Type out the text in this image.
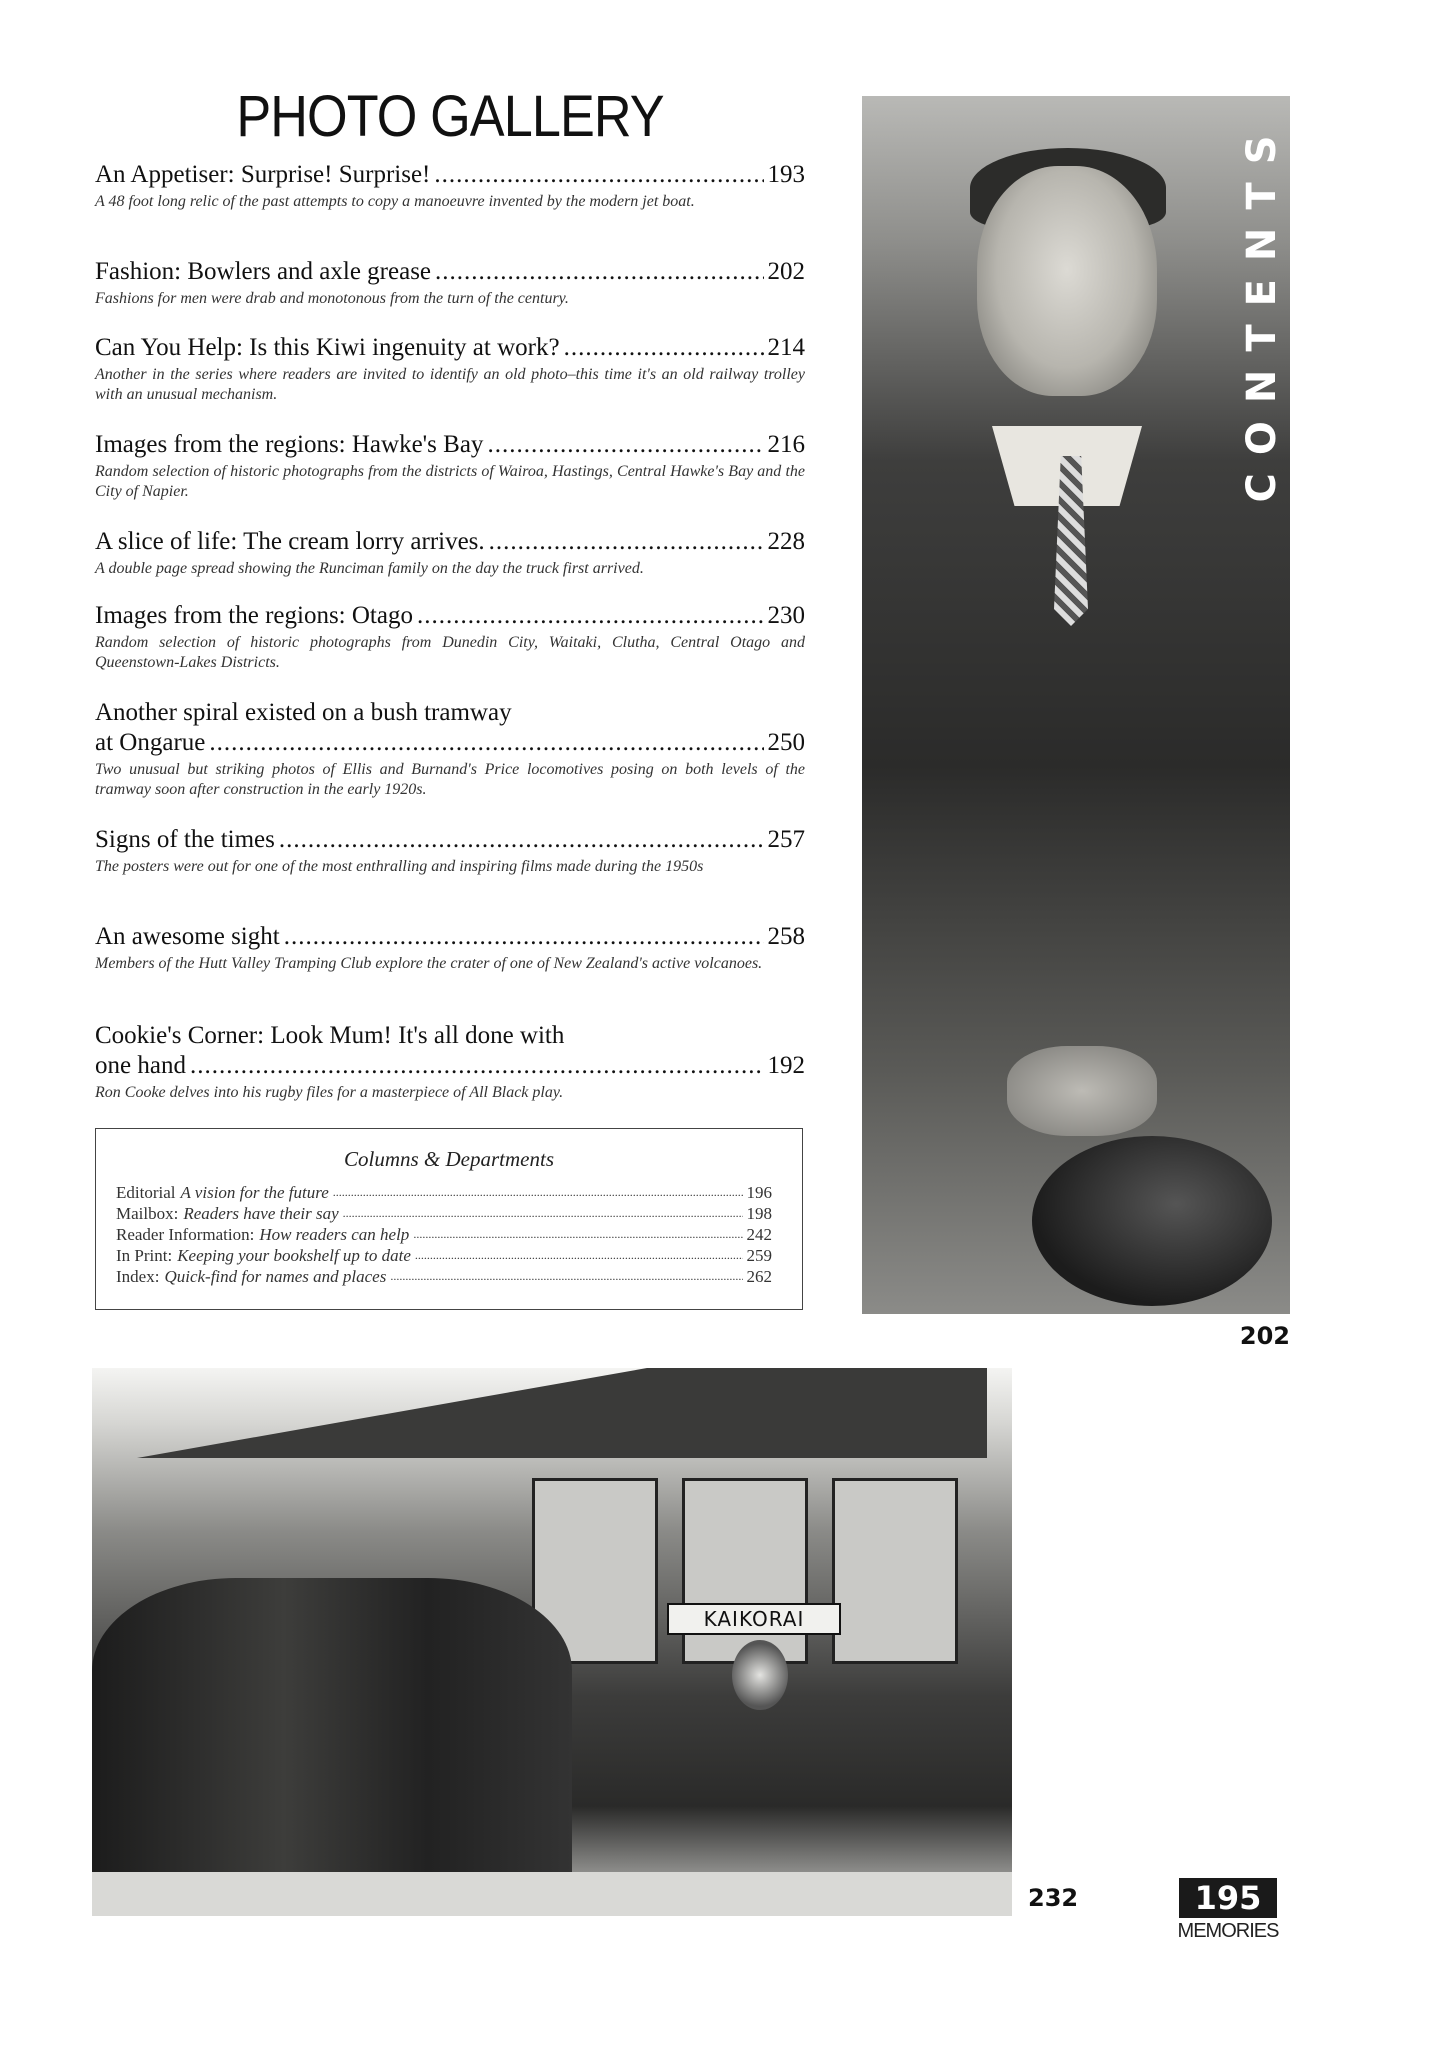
PHOTO GALLERY
An Appetiser: Surprise! Surprise! .....	193
A 48 foot long relic of the past attempts to copy a manoeuvre invented by the modern jet boat.
Fashion: Bowlers and axle grease .....	202
Fashions for men were drab and monotonous from the turn of the century.
Can You Help: Is this Kiwi ingenuity at work? .....	214
Another in the series where readers are invited to identify an old photo–this time it's an old railway trolley with an unusual mechanism.
Images from the regions: Hawke's Bay .....	216
Random selection of historic photographs from the districts of Wairoa, Hastings, Central Hawke's Bay and the City of Napier.
A slice of life: The cream lorry arrives. .....	228
A double page spread showing the Runciman family on the day the truck first arrived.
Images from the regions: Otago .....	230
Random selection of historic photographs from Dunedin City, Waitaki, Clutha, Central Otago and Queenstown-Lakes Districts.
Another spiral existed on a bush tramway
at Ongarue .....	250
Two unusual but striking photos of Ellis and Burnand's Price locomotives posing on both levels of the tramway soon after construction in the early 1920s.
Signs of the times .....	257
The posters were out for one of the most enthralling and inspiring films made during the 1950s
An awesome sight .....	258
Members of the Hutt Valley Tramping Club explore the crater of one of New Zealand's active volcanoes.
Cookie's Corner: Look Mum! It's all done with
one hand .....	192
Ron Cooke delves into his rugby files for a masterpiece of All Black play.
Columns & Departments
Editorial A vision for the future .....	196
Mailbox: Readers have their say .....	198
Reader Information: How readers can help .....	242
In Print: Keeping your bookshelf up to date .....	259
Index: Quick-find for names and places .....	262
CONTENTS
202
KAIKORAI
232	195
MEMORIES
